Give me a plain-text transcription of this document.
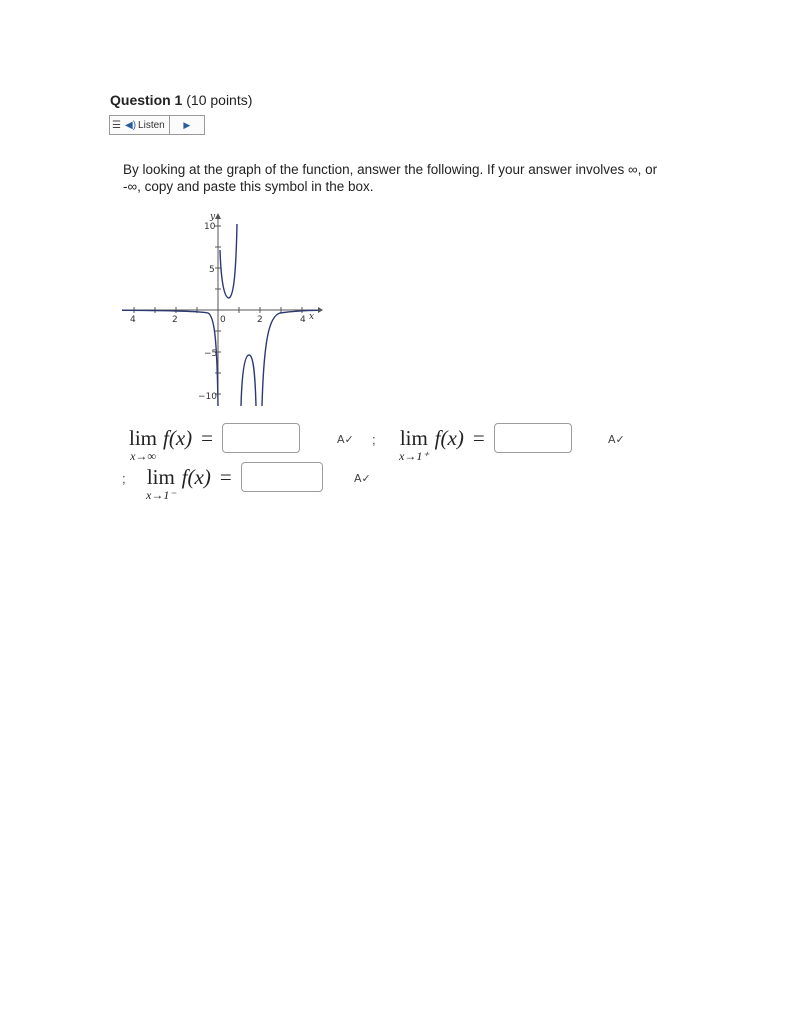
Question 1 (10 points)
☰ ◀) Listen ▶
By looking at the graph of the function, answer the following. If your answer involves ∞, or -∞, copy and paste this symbol in the box.
4	2	0	2	4
10
5
−5
−10
x
y
lim
x→∞
f(x) =	A✓ ; lim
x→1⁺
f(x) =	A✓
; lim
x→1⁻
f(x) =	A✓
